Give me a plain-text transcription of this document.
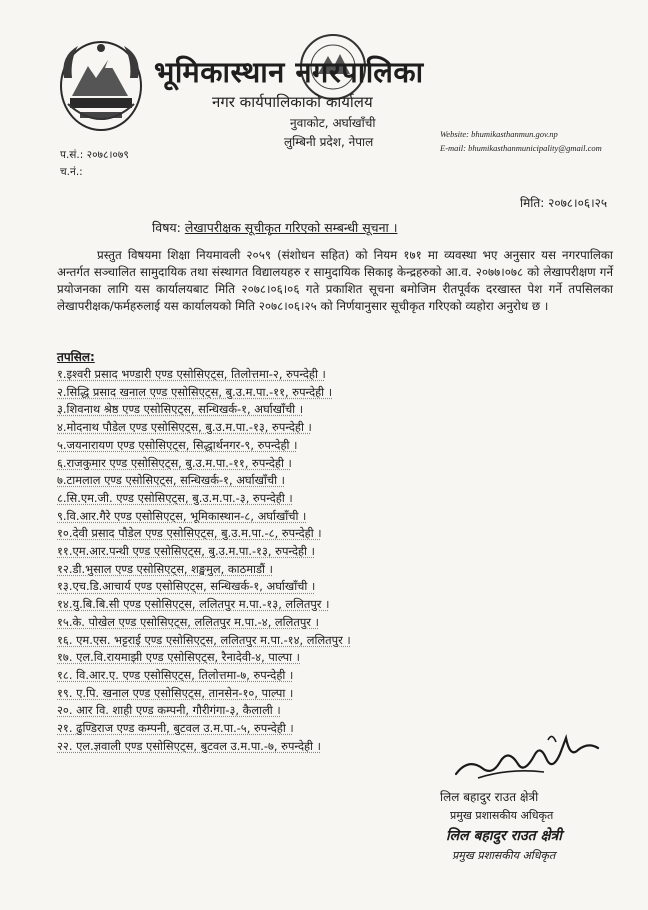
भूमिकास्थान नगरपालिका
नगर कार्यपालिकाको कार्यालय
नुवाकोट, अर्घाखाँची
लुम्बिनी प्रदेश, नेपाल
Website: bhumikasthanmun.gov.np
E-mail: bhumikasthanmunicipality@gmail.com
प.सं.: २०७८।०७९
च.नं.:
मिति: २०७८।०६।२५
विषय: लेखापरीक्षक सूचीकृत गरिएको सम्बन्धी सूचना ।
प्रस्तुत विषयमा शिक्षा नियमावली २०५९ (संशोधन सहित) को नियम १७१ मा व्यवस्था भए अनुसार यस नगरपालिका अन्तर्गत सञ्चालित सामुदायिक तथा संस्थागत विद्यालयहरु र सामुदायिक सिकाइ केन्द्रहरुको आ.व. २०७७।०७८ को लेखापरीक्षण गर्ने प्रयोजनका लागि यस कार्यालयबाट मिति २०७८।०६।०६ गते प्रकाशित सूचना बमोजिम रीतपूर्वक दरखास्त पेश गर्ने तपसिलका लेखापरीक्षक/फर्महरुलाई यस कार्यालयको मिति २०७८।०६।२५ को निर्णयानुसार सूचीकृत गरिएको व्यहोरा अनुरोध छ ।
तपसिल:
१.इश्वरी प्रसाद भण्डारी एण्ड एसोसिएट्स, तिलोत्तमा-२, रुपन्देही ।
२.सिद्धि प्रसाद खनाल एण्ड एसोसिएट्स, बु.उ.म.पा.-११, रुपन्देही ।
३.शिवनाथ श्रेष्ठ एण्ड एसोसिएट्स, सन्धिखर्क-१, अर्घाखाँची ।
४.मोदनाथ पौडेल एण्ड एसोसिएट्स, बु.उ.म.पा.-१३, रुपन्देही ।
५.जयनारायण एण्ड एसोसिएट्स, सिद्धार्थनगर-९, रुपन्देही ।
६.राजकुमार एण्ड एसोसिएट्स, बु.उ.म.पा.-११, रुपन्देही ।
७.टामलाल एण्ड एसोसिएट्स, सन्धिखर्क-१, अर्घाखाँची ।
८.सि.एम.जी. एण्ड एसोसिएट्स, बु.उ.म.पा.-३, रुपन्देही ।
९.वि.आर.गैरे एण्ड एसोसिएट्स, भूमिकास्थान-८, अर्घाखाँची ।
१०.देवी प्रसाद पौडेल एण्ड एसोसिएट्स, बु.उ.म.पा.-८, रुपन्देही ।
११.एम.आर.पन्थी एण्ड एसोसिएट्स, बु.उ.म.पा.-१३, रुपन्देही ।
१२.डी.भुसाल एण्ड एसोसिएट्स, शङ्खमुल, काठमाडौं ।
१३.एच.डि.आचार्य एण्ड एसोसिएट्स, सन्धिखर्क-१, अर्घाखाँची ।
१४.यु.बि.बि.सी एण्ड एसोसिएट्स, ललितपुर म.पा.-१३, ललितपुर ।
१५.के. पोखेल एण्ड एसोसिएट्स, ललितपुर म.पा.-४, ललितपुर ।
१६. एम.एस. भट्टराई एण्ड एसोसिएट्स, ललितपुर म.पा.-१४, ललितपुर ।
१७. एल.वि.रायमाझी एण्ड एसोसिएट्स, रैनादेवी-४, पाल्पा ।
१८. वि.आर.ए. एण्ड एसोसिएट्स, तिलोत्तमा-७, रुपन्देही ।
१९. ए.पि. खनाल एण्ड एसोसिएट्स, तानसेन-१०, पाल्पा ।
२०. आर वि. शाही एण्ड कम्पनी, गौरीगंगा-३, कैलाली ।
२१. ढुण्डिराज एण्ड कम्पनी, बुटवल उ.म.पा.-५, रुपन्देही ।
२२. एल.ज्ञवाली एण्ड एसोसिएट्स, बुटवल उ.म.पा.-७, रुपन्देही ।
लिल बहादुर राउत क्षेत्री
प्रमुख प्रशासकीय अधिकृत
लिल बहादुर राउत क्षेत्री
प्रमुख प्रशासकीय अधिकृत
